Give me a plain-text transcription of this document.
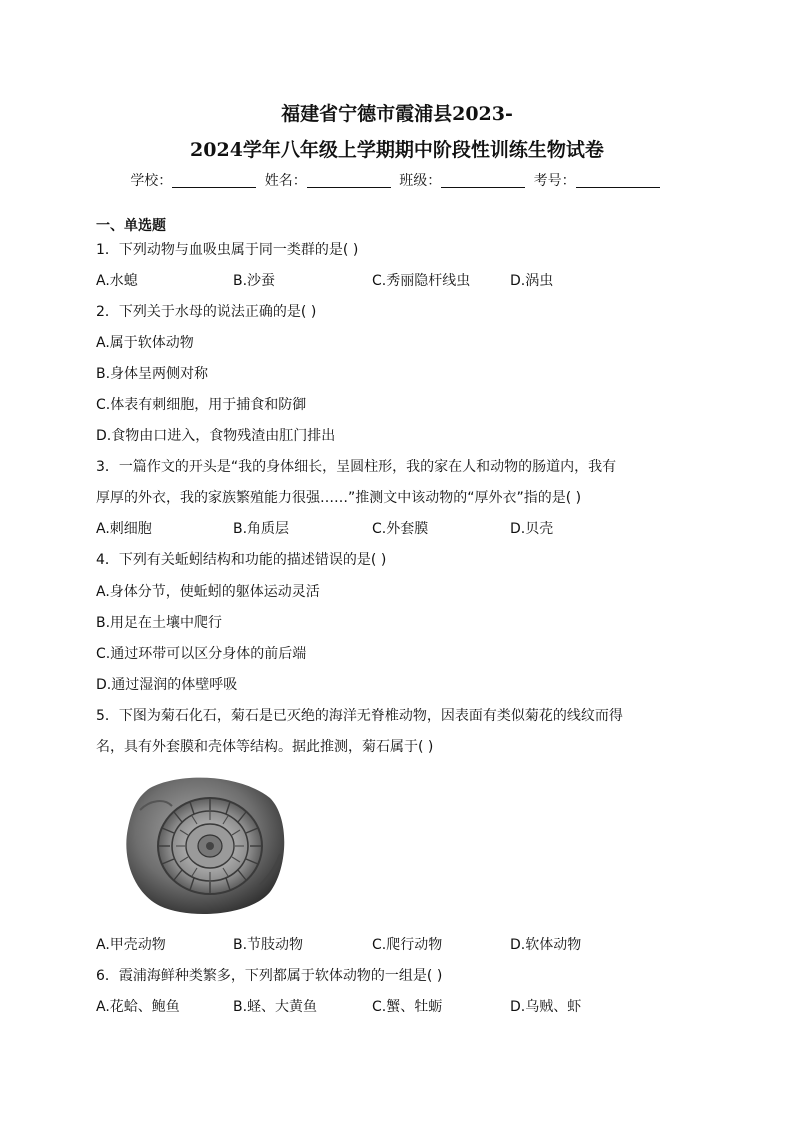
福建省宁德市霞浦县2023-
2024学年八年级上学期期中阶段性训练生物试卷
学校：	姓名：	班级：	考号：
一、单选题
1．下列动物与血吸虫属于同一类群的是( )
A.水螅	B.沙蚕	C.秀丽隐杆线虫	D.涡虫
2．下列关于水母的说法正确的是( )
A.属于软体动物
B.身体呈两侧对称
C.体表有刺细胞，用于捕食和防御
D.食物由口进入，食物残渣由肛门排出
3．一篇作文的开头是“我的身体细长，呈圆柱形，我的家在人和动物的肠道内，我有
厚厚的外衣，我的家族繁殖能力很强……”推测文中该动物的“厚外衣”指的是( )
A.刺细胞	B.角质层	C.外套膜	D.贝壳
4．下列有关蚯蚓结构和功能的描述错误的是( )
A.身体分节，使蚯蚓的躯体运动灵活
B.用足在土壤中爬行
C.通过环带可以区分身体的前后端
D.通过湿润的体壁呼吸
5．下图为菊石化石，菊石是已灭绝的海洋无脊椎动物，因表面有类似菊花的线纹而得
名，具有外套膜和壳体等结构。据此推测，菊石属于( )
A.甲壳动物	B.节肢动物	C.爬行动物	D.软体动物
6．霞浦海鲜种类繁多，下列都属于软体动物的一组是( )
A.花蛤、鲍鱼	B.蛏、大黄鱼	C.蟹、牡蛎	D.乌贼、虾
